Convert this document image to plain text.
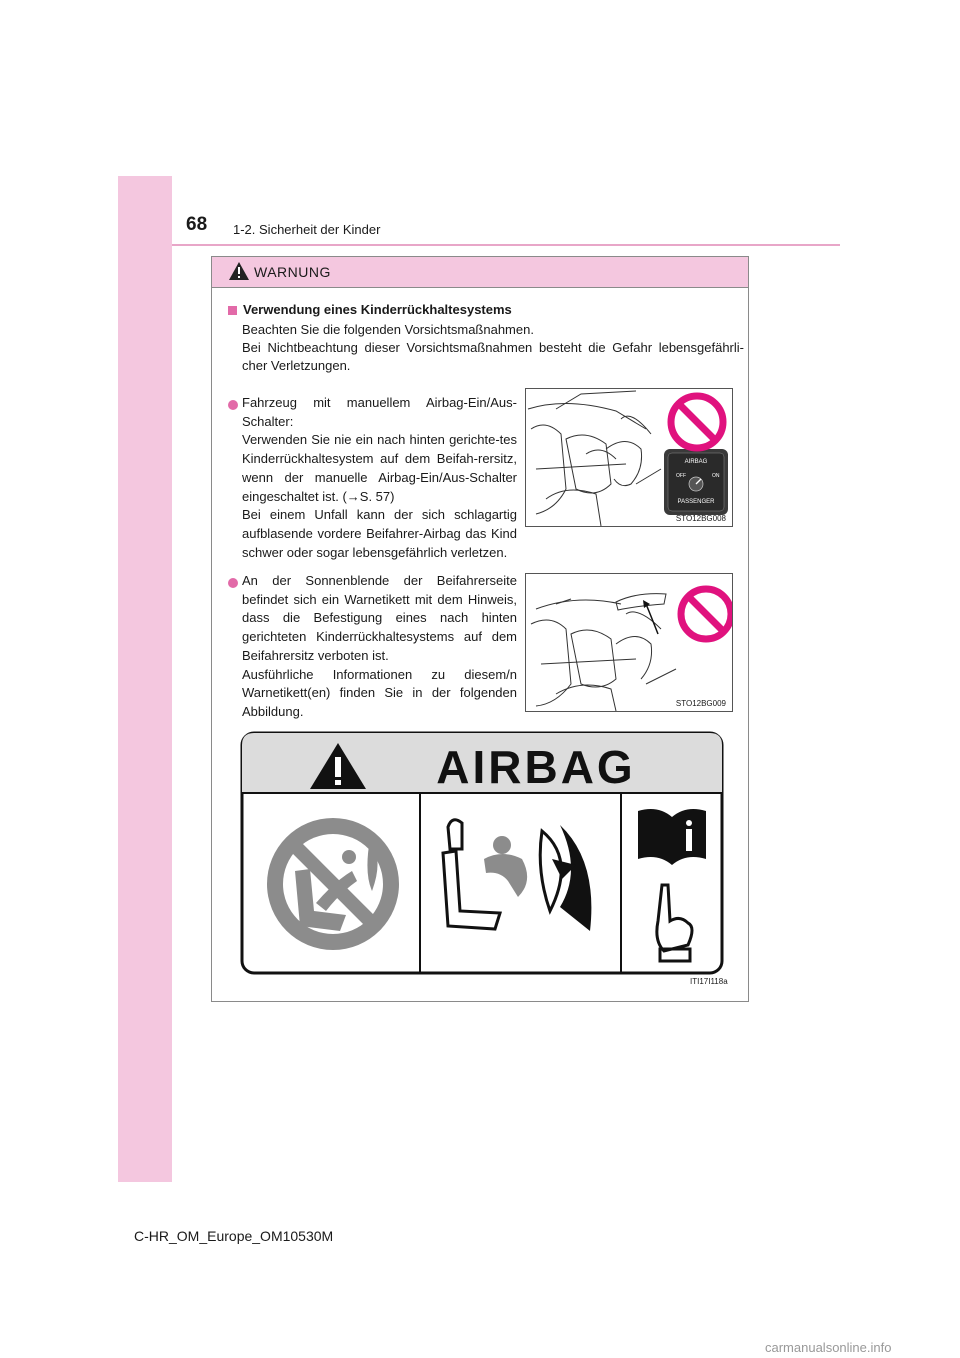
68 1-2. Sicherheit der Kinder
WARNUNG
Verwendung eines Kinderrückhaltesystems

Beachten Sie die folgenden Vorsichtsmaßnahmen.

Bei Nichtbeachtung dieser Vorsichtsmaßnahmen besteht die Gefahr lebensgefährli-cher Verletzungen.

Fahrzeug mit manuellem Airbag-Ein/Aus-Schalter:

Verwenden Sie nie ein nach hinten gerichte-tes Kinderrückhaltesystem auf dem Beifah-rersitz, wenn der manuelle Airbag-Ein/Aus-Schalter eingeschaltet ist. (→S. 57)

Bei einem Unfall kann der sich schlagartig aufblasende vordere Beifahrer-Airbag das Kind schwer oder sogar lebensgefährlich verletzen.

AIRBAG
OFF	ON
PASSENGER
STO12BG008

An der Sonnenblende der Beifahrerseite befindet sich ein Warnetikett mit dem Hinweis, dass die Befestigung eines nach hinten gerichteten Kinderrückhaltesystems auf dem Beifahrersitz verboten ist.

Ausführliche Informationen zu diesem/n Warnetikett(en) finden Sie in der folgenden Abbildung.

STO12BG009
AIRBAG
ITI17I118a
C-HR_OM_Europe_OM10530M
carmanualsonline.info
